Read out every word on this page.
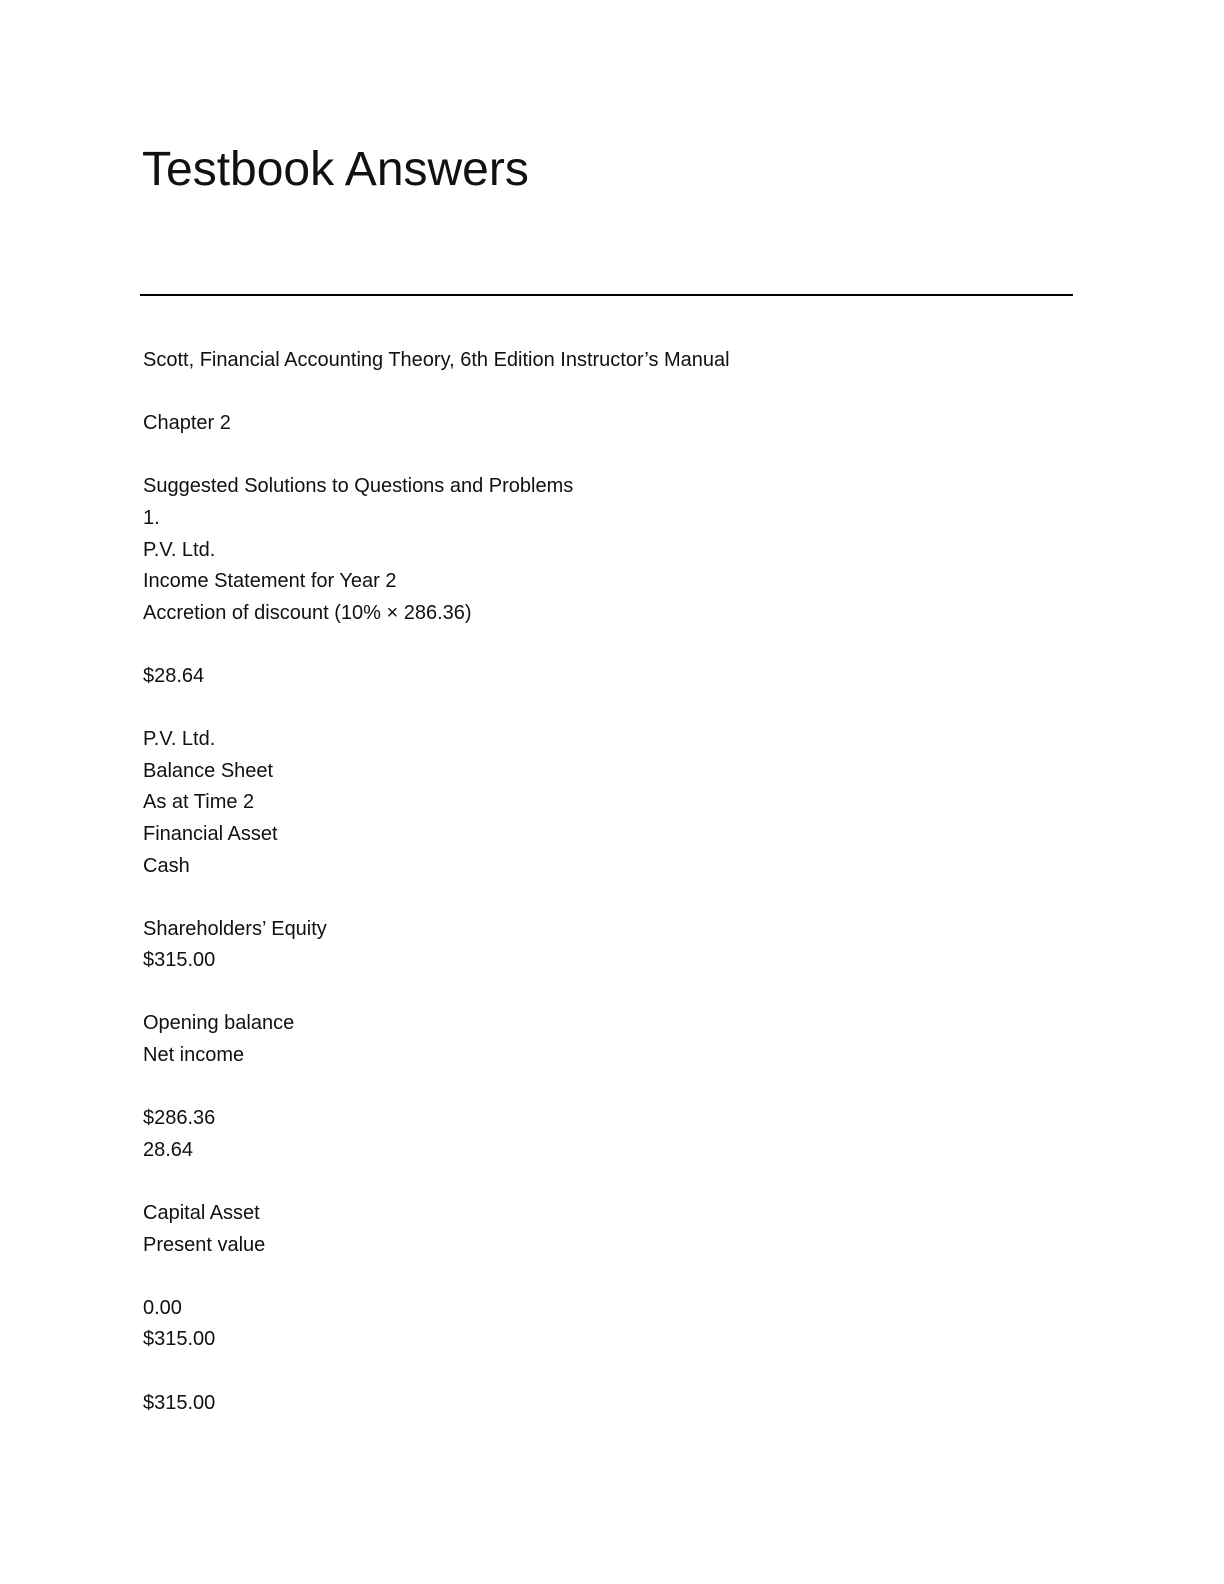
Testbook Answers
Scott, Financial Accounting Theory, 6th Edition Instructor’s Manual
Chapter 2
Suggested Solutions to Questions and Problems
1.
P.V. Ltd.
Income Statement for Year 2
Accretion of discount (10% × 286.36)
$28.64
P.V. Ltd.
Balance Sheet
As at Time 2
Financial Asset
Cash
Shareholders’ Equity
$315.00
Opening balance
Net income
$286.36
28.64
Capital Asset
Present value
0.00
$315.00
$315.00
